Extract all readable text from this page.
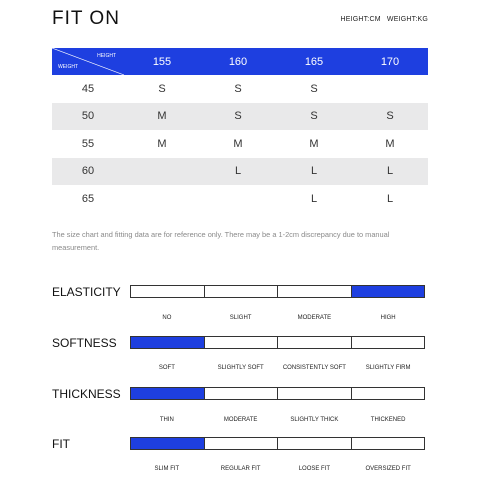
FIT ON	HEIGHT:CM WEIGHT:KG
HEIGHT
WEIGHT	155	160	165	170
45	S	S	S	
50	M	S	S	S
55	M	M	M	M
60		L	L	L
65			L	L

The size chart and fitting data are for reference only. There may be a 1-2cm discrepancy due to manual measurement.

ELASTICITY
NO	SLIGHT	MODERATE	HIGH
SOFTNESS
SOFT	SLIGHTLY SOFT	CONSISTENTLY SOFT	SLIGHTLY FIRM
THICKNESS
THIN	MODERATE	SLIGHTLY THICK	THICKENED
FIT
SLIM FIT	REGULAR FIT	LOOSE FIT	OVERSIZED FIT
